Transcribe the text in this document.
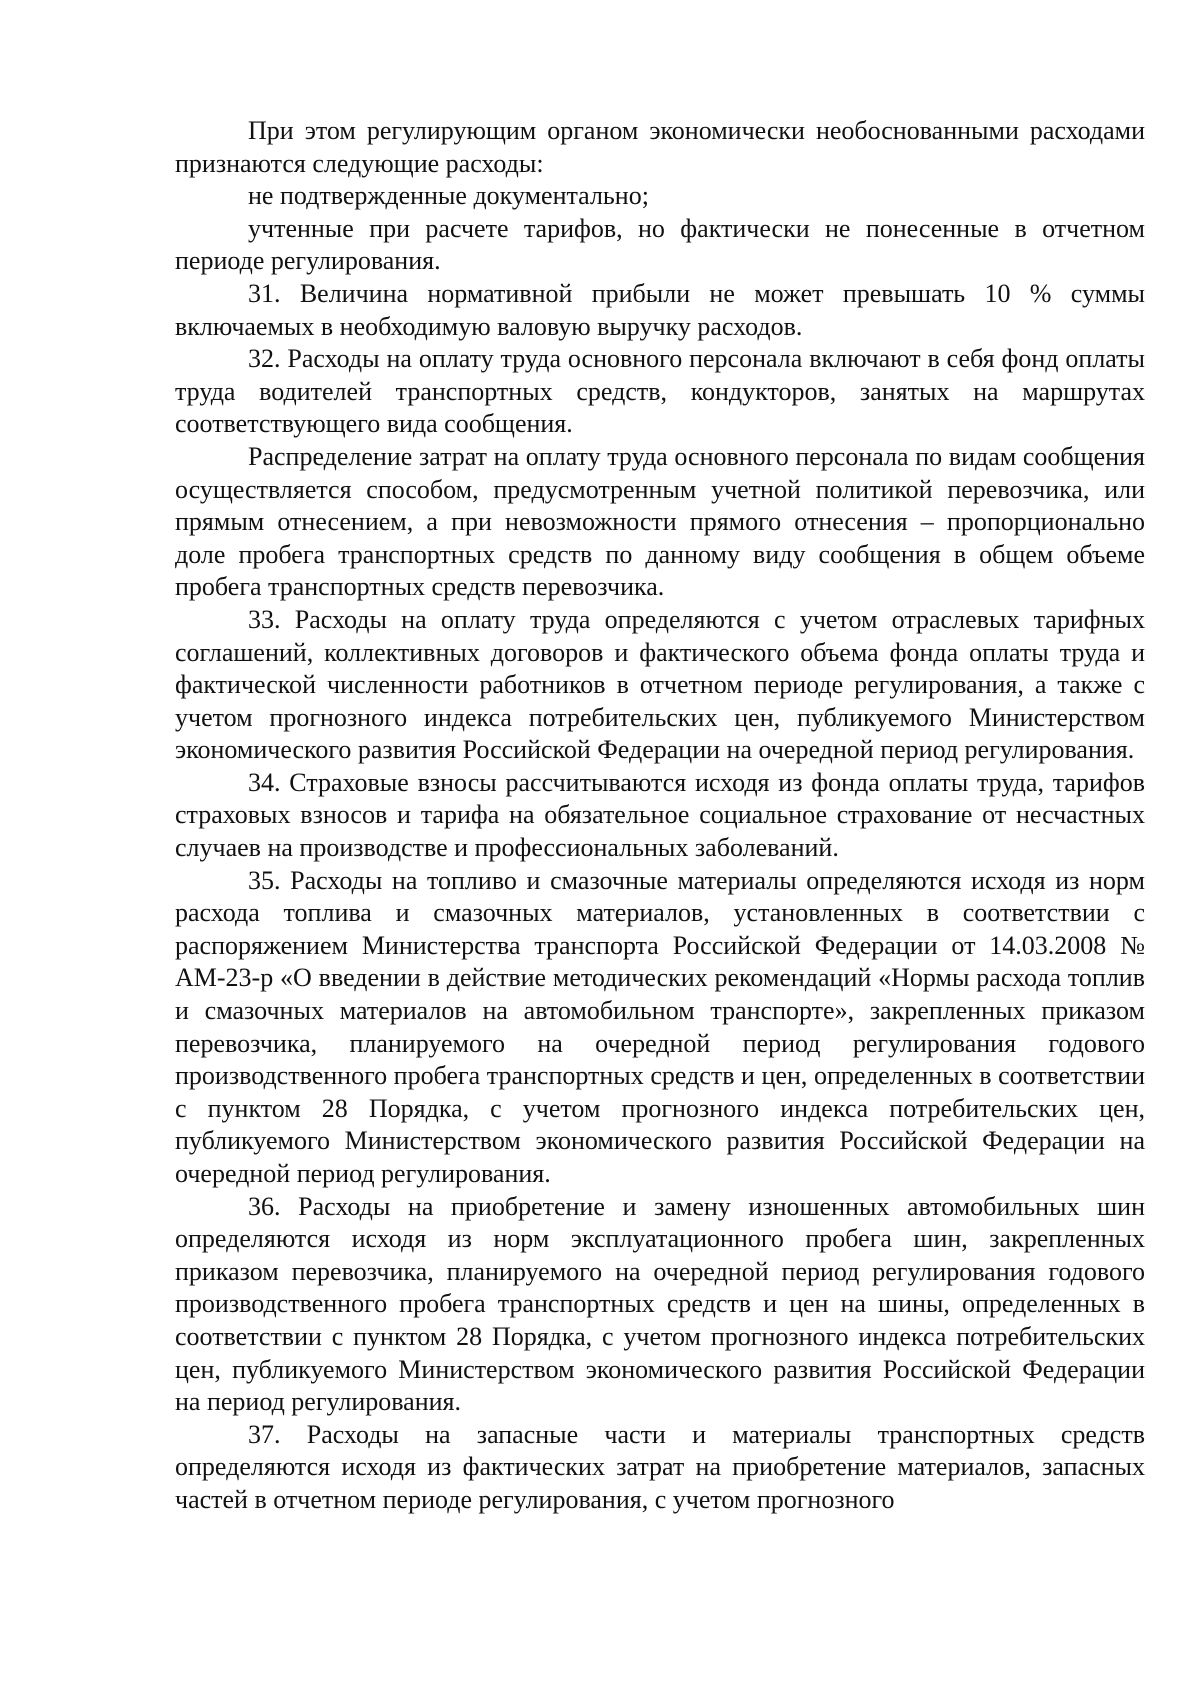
При этом регулирующим органом экономически необоснованными расходами признаются следующие расходы:

не подтвержденные документально;

учтенные при расчете тарифов, но фактически не понесенные в отчетном периоде регулирования.

31. Величина нормативной прибыли не может превышать 10 % суммы включаемых в необходимую валовую выручку расходов.

32. Расходы на оплату труда основного персонала включают в себя фонд оплаты труда водителей транспортных средств, кондукторов, занятых на маршрутах соответствующего вида сообщения.

Распределение затрат на оплату труда основного персонала по видам сообщения осуществляется способом, предусмотренным учетной политикой перевозчика, или прямым отнесением, а при невозможности прямого отнесения – пропорционально доле пробега транспортных средств по данному виду сообщения в общем объеме пробега транспортных средств перевозчика.

33. Расходы на оплату труда определяются с учетом отраслевых тарифных соглашений, коллективных договоров и фактического объема фонда оплаты труда и фактической численности работников в отчетном периоде регулирования, а также с учетом прогнозного индекса потребительских цен, публикуемого Министерством экономического развития Российской Федерации на очередной период регулирования.

34. Страховые взносы рассчитываются исходя из фонда оплаты труда, тарифов страховых взносов и тарифа на обязательное социальное страхование от несчастных случаев на производстве и профессиональных заболеваний.

35. Расходы на топливо и смазочные материалы определяются исходя из норм расхода топлива и смазочных материалов, установленных в соответствии с распоряжением Министерства транспорта Российской Федерации от 14.03.2008 № АМ-23-р «О введении в действие методических рекомендаций «Нормы расхода топлив и смазочных материалов на автомобильном транспорте», закрепленных приказом перевозчика, планируемого на очередной период регулирования годового производственного пробега транспортных средств и цен, определенных в соответствии с пунктом 28 Порядка, с учетом прогнозного индекса потребительских цен, публикуемого Министерством экономического развития Российской Федерации на очередной период регулирования.

36. Расходы на приобретение и замену изношенных автомобильных шин определяются исходя из норм эксплуатационного пробега шин, закрепленных приказом перевозчика, планируемого на очередной период регулирования годового производственного пробега транспортных средств и цен на шины, определенных в соответствии с пунктом 28 Порядка, с учетом прогнозного индекса потребительских цен, публикуемого Министерством экономического развития Российской Федерации на период регулирования.

37. Расходы на запасные части и материалы транспортных средств определяются исходя из фактических затрат на приобретение материалов, запасных частей в отчетном периоде регулирования, с учетом прогнозного
